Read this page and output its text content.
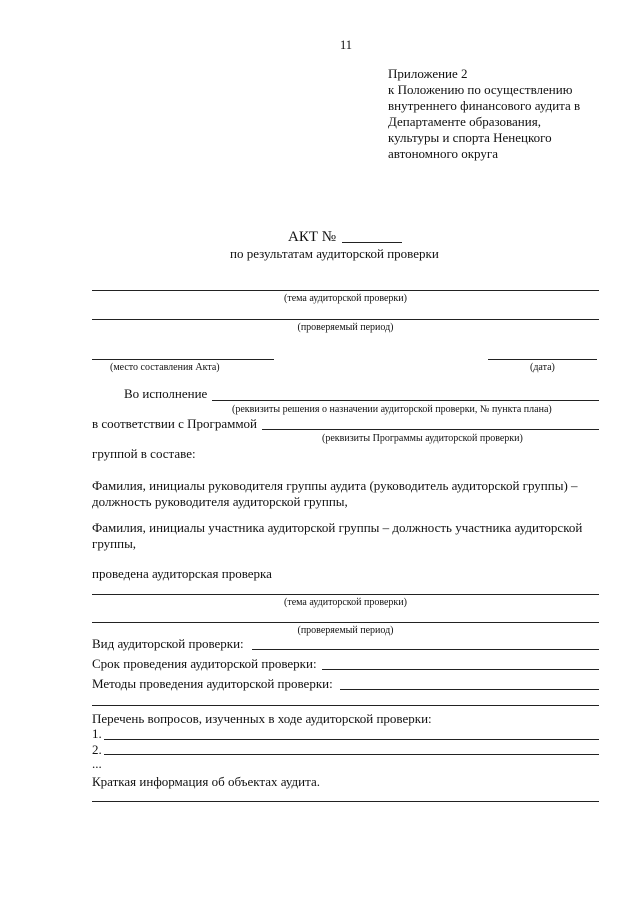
11
Приложение 2
к Положению по осуществлению
внутреннего финансового аудита в
Департаменте образования,
культуры и спорта Ненецкого
автономного округа
АКТ №
по результатам аудиторской проверки
(тема аудиторской проверки)
(проверяемый период)
(место составления Акта)	(дата)
Во исполнение
(реквизиты решения о назначении аудиторской проверки, № пункта плана)
в соответствии с Программой
(реквизиты Программы аудиторской проверки)
группой в составе:
Фамилия, инициалы руководителя группы аудита (руководитель аудиторской группы) –
должность руководителя аудиторской группы,
Фамилия, инициалы участника аудиторской группы – должность участника аудиторской
группы,
проведена аудиторская проверка
(тема аудиторской проверки)
(проверяемый период)
Вид аудиторской проверки:
Срок проведения аудиторской проверки:
Методы проведения аудиторской проверки:
Перечень вопросов, изученных в ходе аудиторской проверки:
1.
2.
...
Краткая информация об объектах аудита.
